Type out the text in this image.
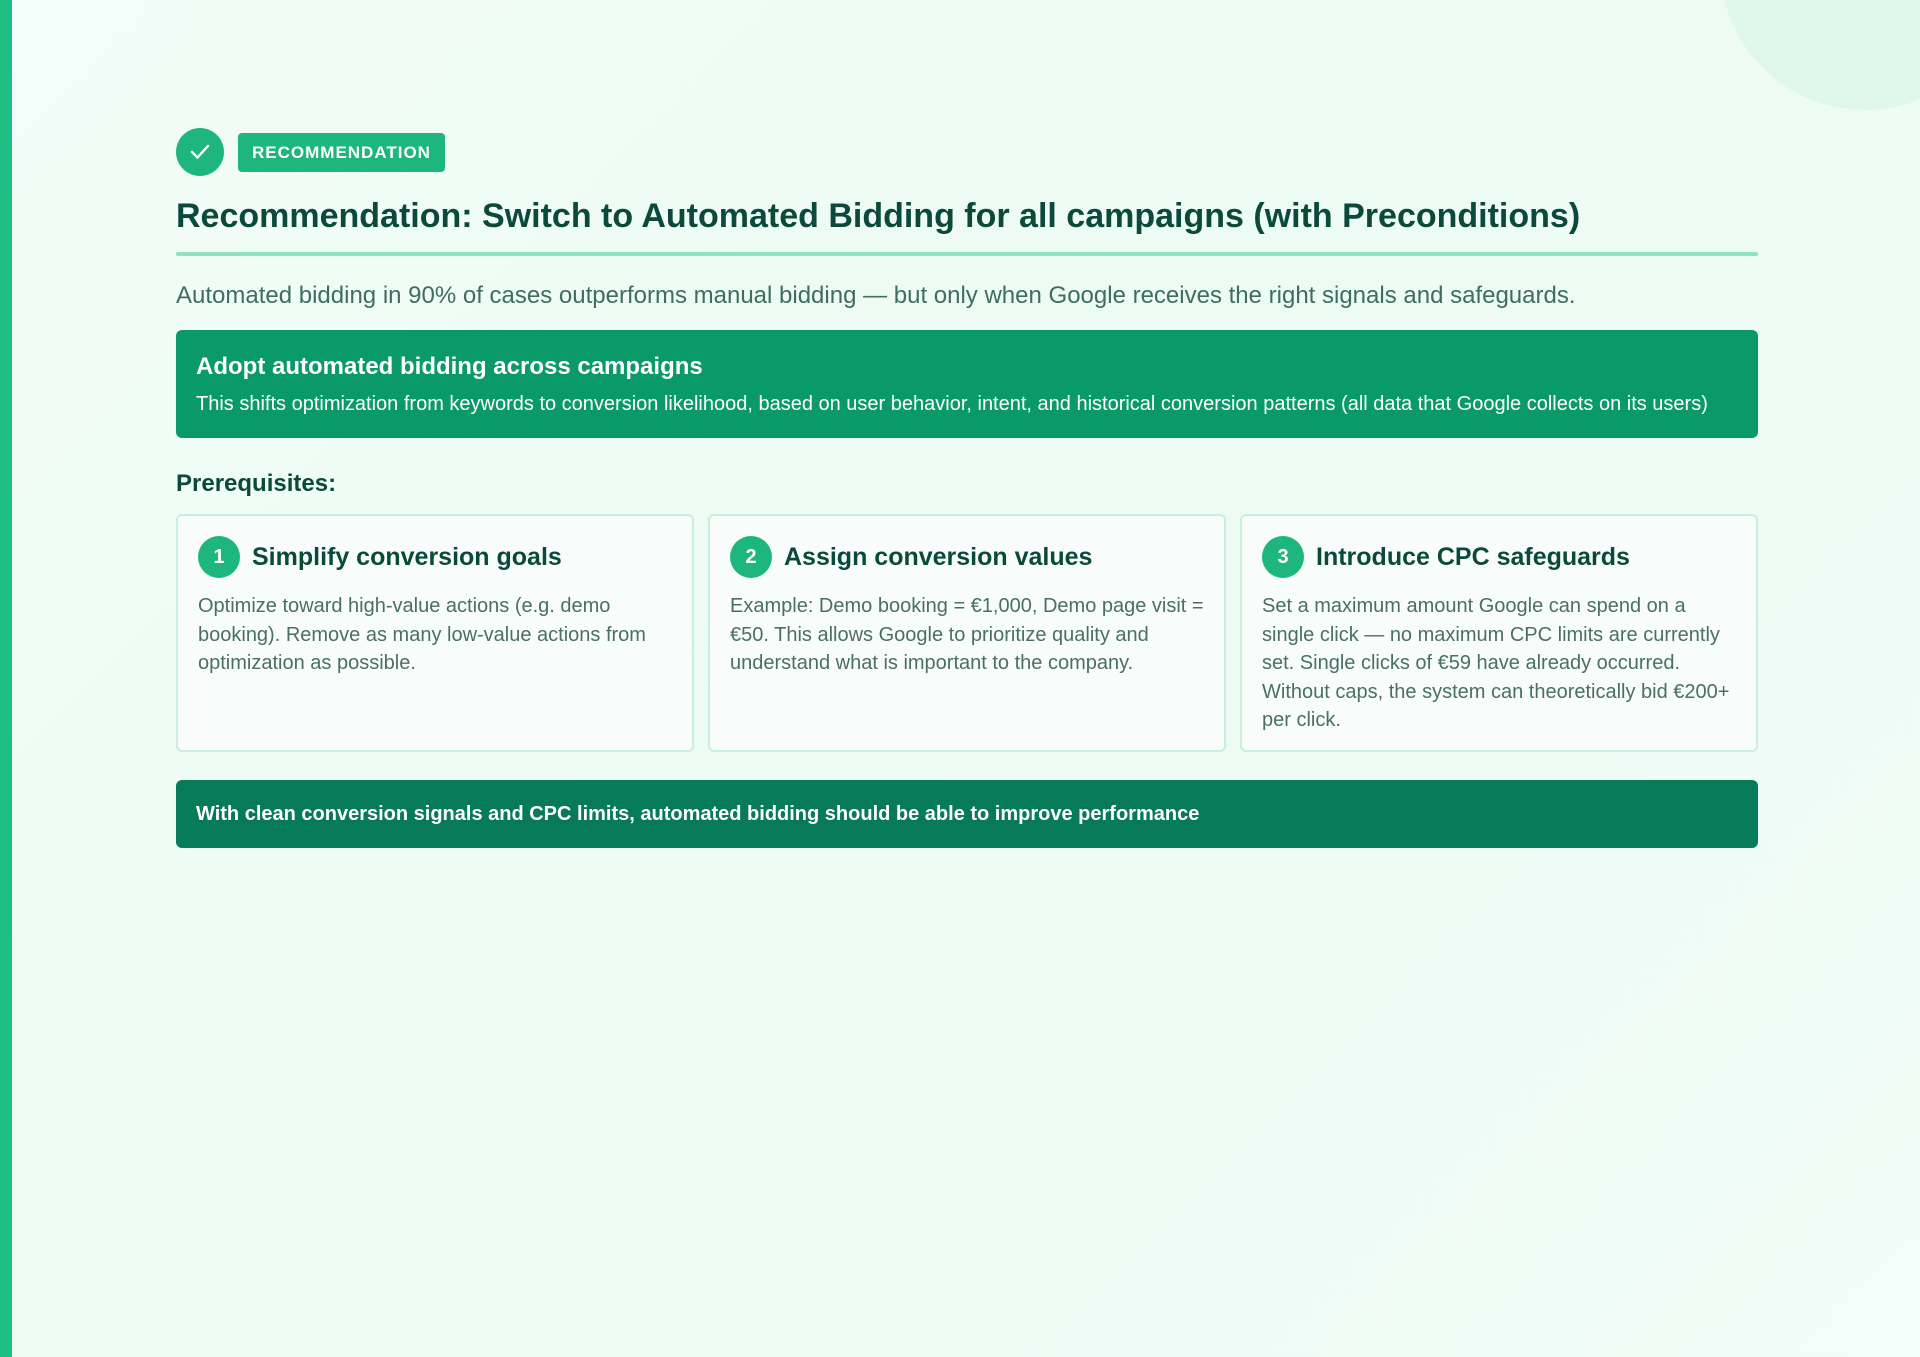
RECOMMENDATION
Recommendation: Switch to Automated Bidding for all campaigns (with Preconditions)
Automated bidding in 90% of cases outperforms manual bidding — but only when Google receives the right signals and safeguards.
Adopt automated bidding across campaigns
This shifts optimization from keywords to conversion likelihood, based on user behavior, intent, and historical conversion patterns (all data that Google collects on its users)
Prerequisites:
1	Simplify conversion goals
Optimize toward high-value actions (e.g. demo booking). Remove as many low-value actions from optimization as possible.
2	Assign conversion values
Example: Demo booking = €1,000, Demo page visit = €50. This allows Google to prioritize quality and understand what is important to the company.
3	Introduce CPC safeguards
Set a maximum amount Google can spend on a single click — no maximum CPC limits are currently set. Single clicks of €59 have already occurred. Without caps, the system can theoretically bid €200+ per click.
With clean conversion signals and CPC limits, automated bidding should be able to improve performance
